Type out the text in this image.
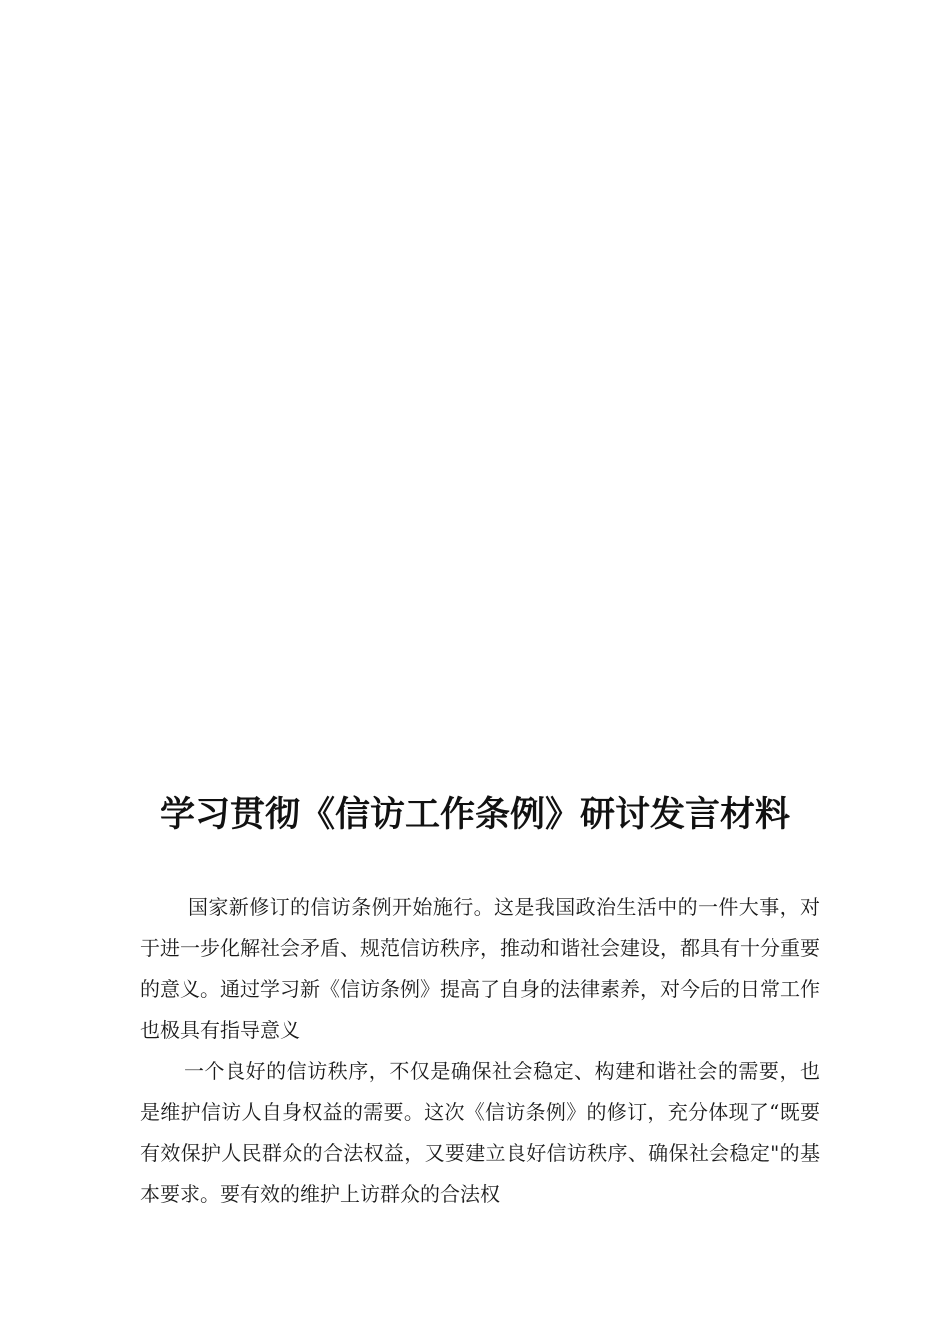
学习贯彻《信访工作条例》研讨发言材料

国家新修订的信访条例开始施行。这是我国政治生活中的一件大事，对于进一步化解社会矛盾、规范信访秩序，推动和谐社会建设，都具有十分重要的意义。通过学习新《信访条例》提高了自身的法律素养，对今后的日常工作也极具有指导意义

一个良好的信访秩序，不仅是确保社会稳定、构建和谐社会的需要，也是维护信访人自身权益的需要。这次《信访条例》的修订，充分体现了“既要有效保护人民群众的合法权益，又要建立良好信访秩序、确保社会稳定"的基本要求。要有效的维护上访群众的合法权
